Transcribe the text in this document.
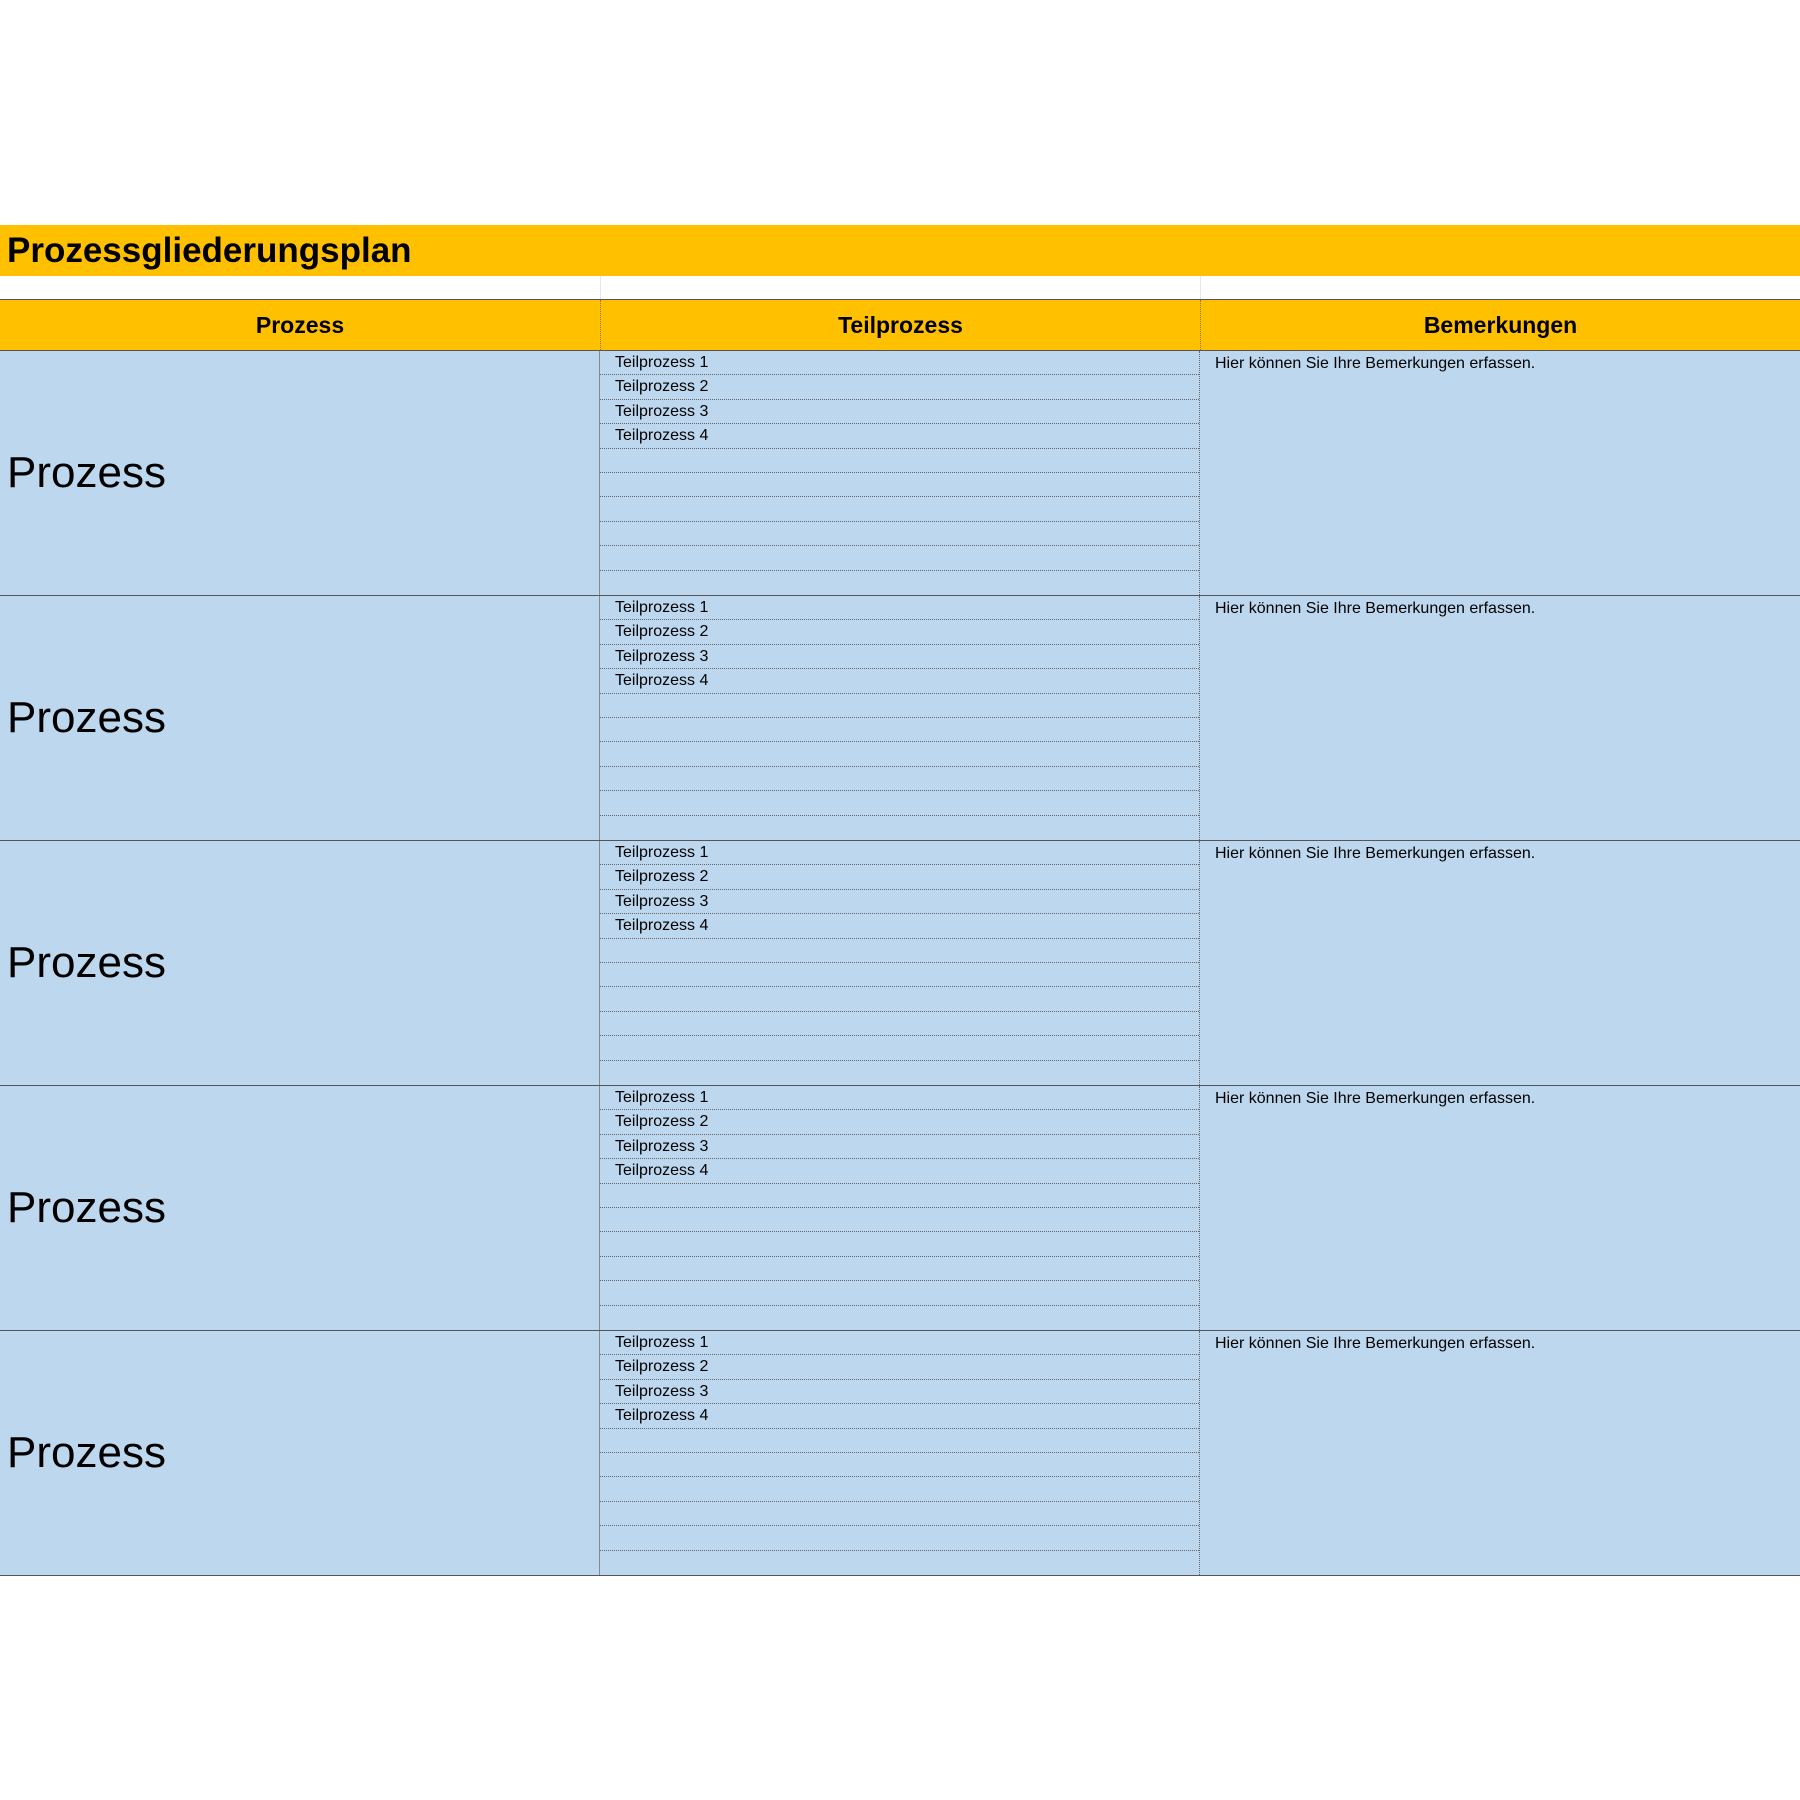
Prozessgliederungsplan
Prozess	Teilprozess	Bemerkungen
Prozess
Teilprozess 1
Teilprozess 2
Teilprozess 3
Teilprozess 4
Hier können Sie Ihre Bemerkungen erfassen.
Prozess
Teilprozess 1
Teilprozess 2
Teilprozess 3
Teilprozess 4
Hier können Sie Ihre Bemerkungen erfassen.
Prozess
Teilprozess 1
Teilprozess 2
Teilprozess 3
Teilprozess 4
Hier können Sie Ihre Bemerkungen erfassen.
Prozess
Teilprozess 1
Teilprozess 2
Teilprozess 3
Teilprozess 4
Hier können Sie Ihre Bemerkungen erfassen.
Prozess
Teilprozess 1
Teilprozess 2
Teilprozess 3
Teilprozess 4
Hier können Sie Ihre Bemerkungen erfassen.
